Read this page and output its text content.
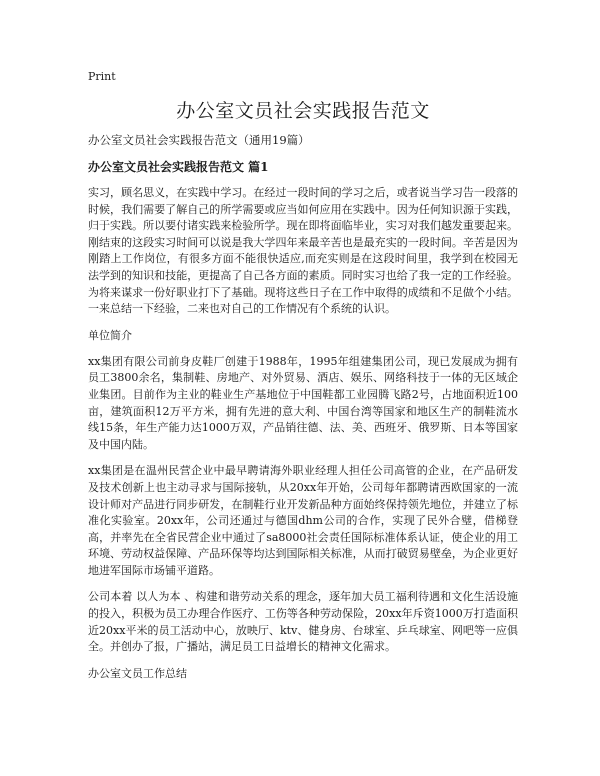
Print
办公室文员社会实践报告范文
办公室文员社会实践报告范文（通用19篇）
办公室文员社会实践报告范文 篇1

实习，顾名思义，在实践中学习。在经过一段时间的学习之后，或者说当学习告一段落的时候，我们需要了解自己的所学需要或应当如何应用在实践中。因为任何知识源于实践，归于实践。所以要付诸实践来检验所学。现在即将面临毕业，实习对我们越发重要起来。刚结束的这段实习时间可以说是我大学四年来最辛苦也是最充实的一段时间。辛苦是因为刚踏上工作岗位，有很多方面不能很快适应,而充实则是在这段时间里，我学到在校园无法学到的知识和技能，更提高了自己各方面的素质。同时实习也给了我一定的工作经验。为将来谋求一份好职业打下了基础。现将这些日子在工作中取得的成绩和不足做个小结。一来总结一下经验，二来也对自己的工作情况有个系统的认识。

单位简介

xx集团有限公司前身皮鞋厂创建于1988年，1995年组建集团公司，现已发展成为拥有员工3800余名，集制鞋、房地产、对外贸易、酒店、娱乐、网络科技于一体的无区域企业集团。目前作为主业的鞋业生产基地位于中国鞋都工业园腾飞路2号，占地面积近100亩，建筑面积12万平方米，拥有先进的意大利、中国台湾等国家和地区生产的制鞋流水线15条，年生产能力达1000万双，产品销往德、法、美、西班牙、俄罗斯、日本等国家及中国内陆。

xx集团是在温州民营企业中最早聘请海外职业经理人担任公司高管的企业，在产品研发及技术创新上也主动寻求与国际接轨，从20xx年开始，公司每年都聘请西欧国家的一流设计师对产品进行同步研发，在制鞋行业开发新品种方面始终保持领先地位，并建立了标准化实验室。20xx年，公司还通过与德国dhm公司的合作，实现了民外合璧，借梯登高，并率先在全省民营企业中通过了sa8000社会责任国际标准体系认证，使企业的用工环境、劳动权益保障、产品环保等均达到国际相关标准，从而打破贸易壁垒，为企业更好地进军国际市场铺平道路。

公司本着 以人为本 、构建和谐劳动关系的理念，逐年加大员工福利待遇和文化生活设施的投入，积极为员工办理合作医疗、工伤等各种劳动保险，20xx年斥资1000万打造面积近20xx平米的员工活动中心，放映厅、ktv、健身房、台球室、乒乓球室、网吧等一应俱全。并创办了报，广播站，满足员工日益增长的精神文化需求。

办公室文员工作总结
